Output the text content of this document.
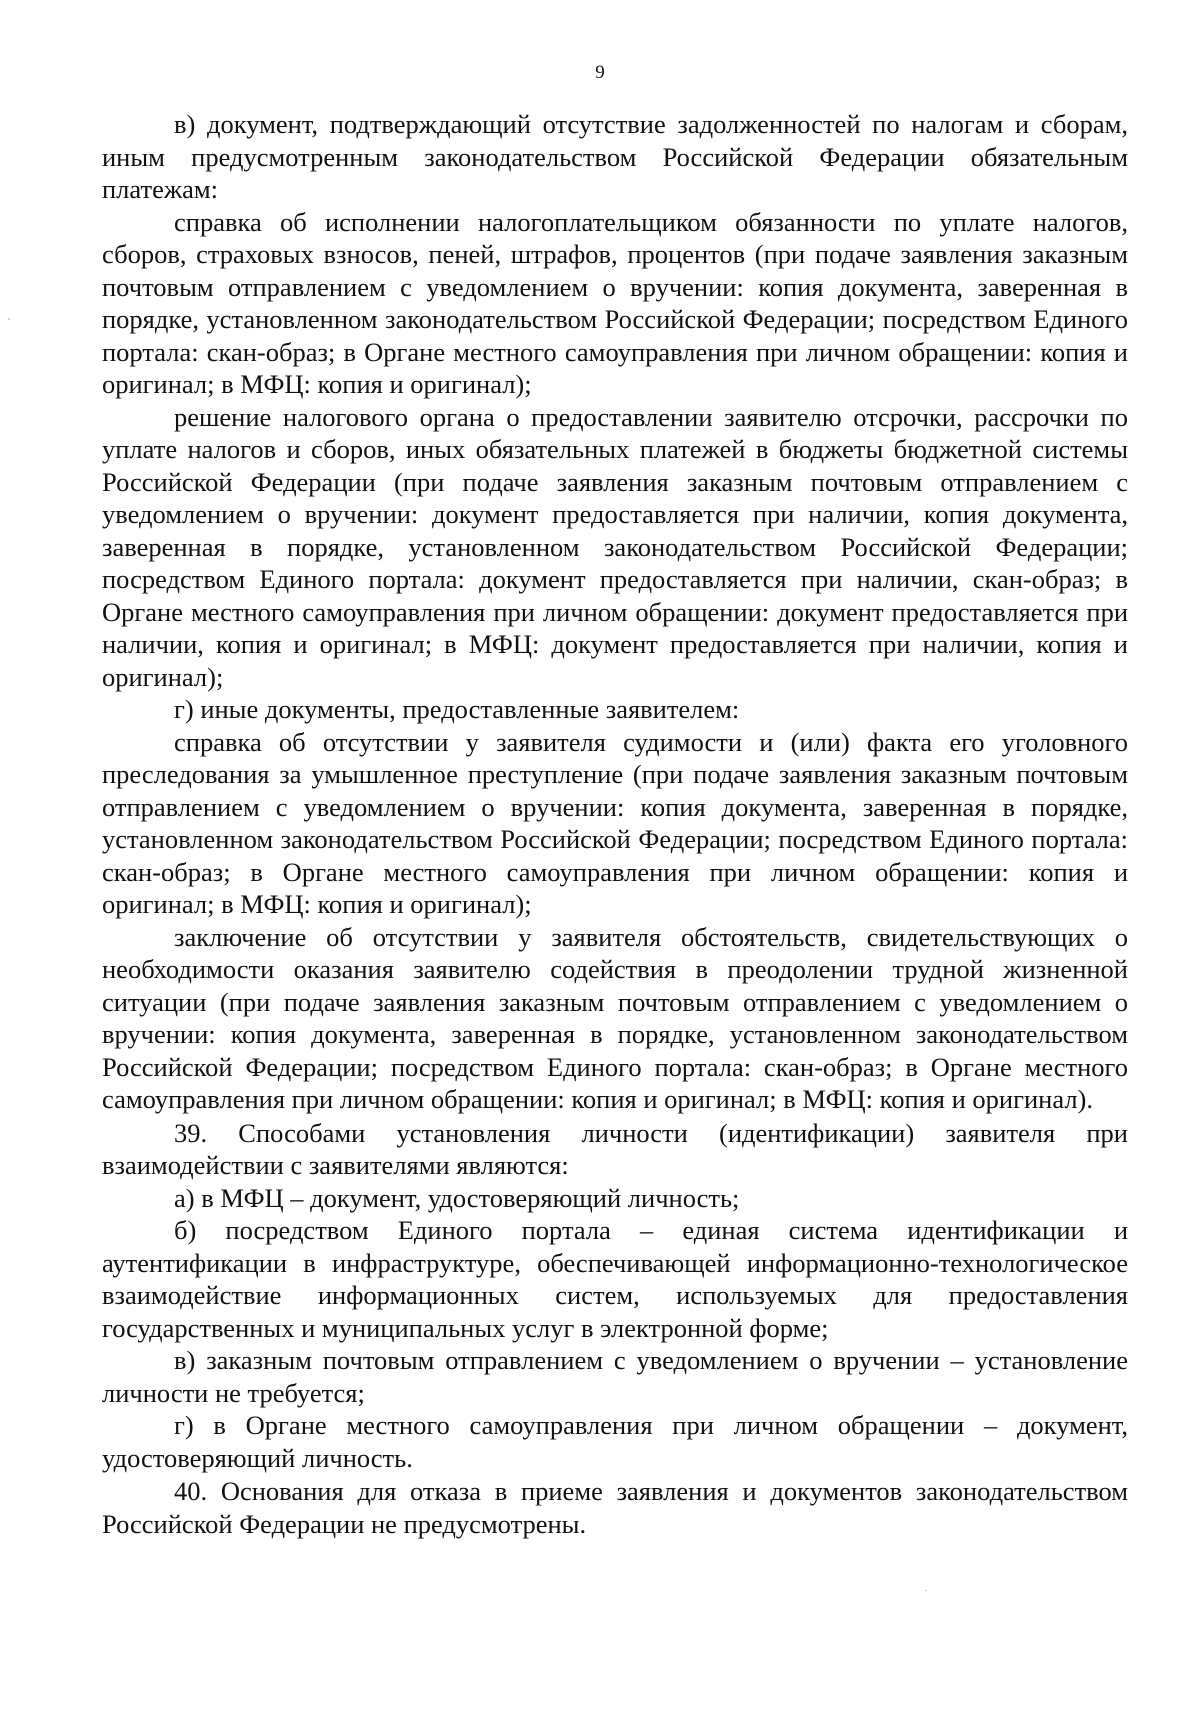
9

в) документ, подтверждающий отсутствие задолженностей по налогам и сборам, иным предусмотренным законодательством Российской Федерации обязательным платежам:

справка об исполнении налогоплательщиком обязанности по уплате налогов, сборов, страховых взносов, пеней, штрафов, процентов (при подаче заявления заказным почтовым отправлением с уведомлением о вручении: копия документа, заверенная в порядке, установленном законодательством Российской Федерации; посредством Единого портала: скан-образ; в Органе местного самоуправления при личном обращении: копия и оригинал; в МФЦ: копия и оригинал);

решение налогового органа о предоставлении заявителю отсрочки, рассрочки по уплате налогов и сборов, иных обязательных платежей в бюджеты бюджетной системы Российской Федерации (при подаче заявления заказным почтовым отправлением с уведомлением о вручении: документ предоставляется при наличии, копия документа, заверенная в порядке, установленном законодательством Российской Федерации; посредством Единого портала: документ предоставляется при наличии, скан-образ; в Органе местного самоуправления при личном обращении: документ предоставляется при наличии, копия и оригинал; в МФЦ: документ предоставляется при наличии, копия и оригинал);

г) иные документы, предоставленные заявителем:

справка об отсутствии у заявителя судимости и (или) факта его уголовного преследования за умышленное преступление (при подаче заявления заказным почтовым отправлением с уведомлением о вручении: копия документа, заверенная в порядке, установленном законодательством Российской Федерации; посредством Единого портала: скан-образ; в Органе местного самоуправления при личном обращении: копия и оригинал; в МФЦ: копия и оригинал);

заключение об отсутствии у заявителя обстоятельств, свидетельствующих о необходимости оказания заявителю содействия в преодолении трудной жизненной ситуации (при подаче заявления заказным почтовым отправлением с уведомлением о вручении: копия документа, заверенная в порядке, установленном законодательством Российской Федерации; посредством Единого портала: скан-образ; в Органе местного самоуправления при личном обращении: копия и оригинал; в МФЦ: копия и оригинал).

39. Способами установления личности (идентификации) заявителя при взаимодействии с заявителями являются:

а) в МФЦ – документ, удостоверяющий личность;

б) посредством Единого портала – единая система идентификации и аутентификации в инфраструктуре, обеспечивающей информационно-технологическое взаимодействие информационных систем, используемых для предоставления государственных и муниципальных услуг в электронной форме;

в) заказным почтовым отправлением с уведомлением о вручении – установление личности не требуется;

г) в Органе местного самоуправления при личном обращении – документ, удостоверяющий личность.

40. Основания для отказа в приеме заявления и документов законодательством Российской Федерации не предусмотрены.
